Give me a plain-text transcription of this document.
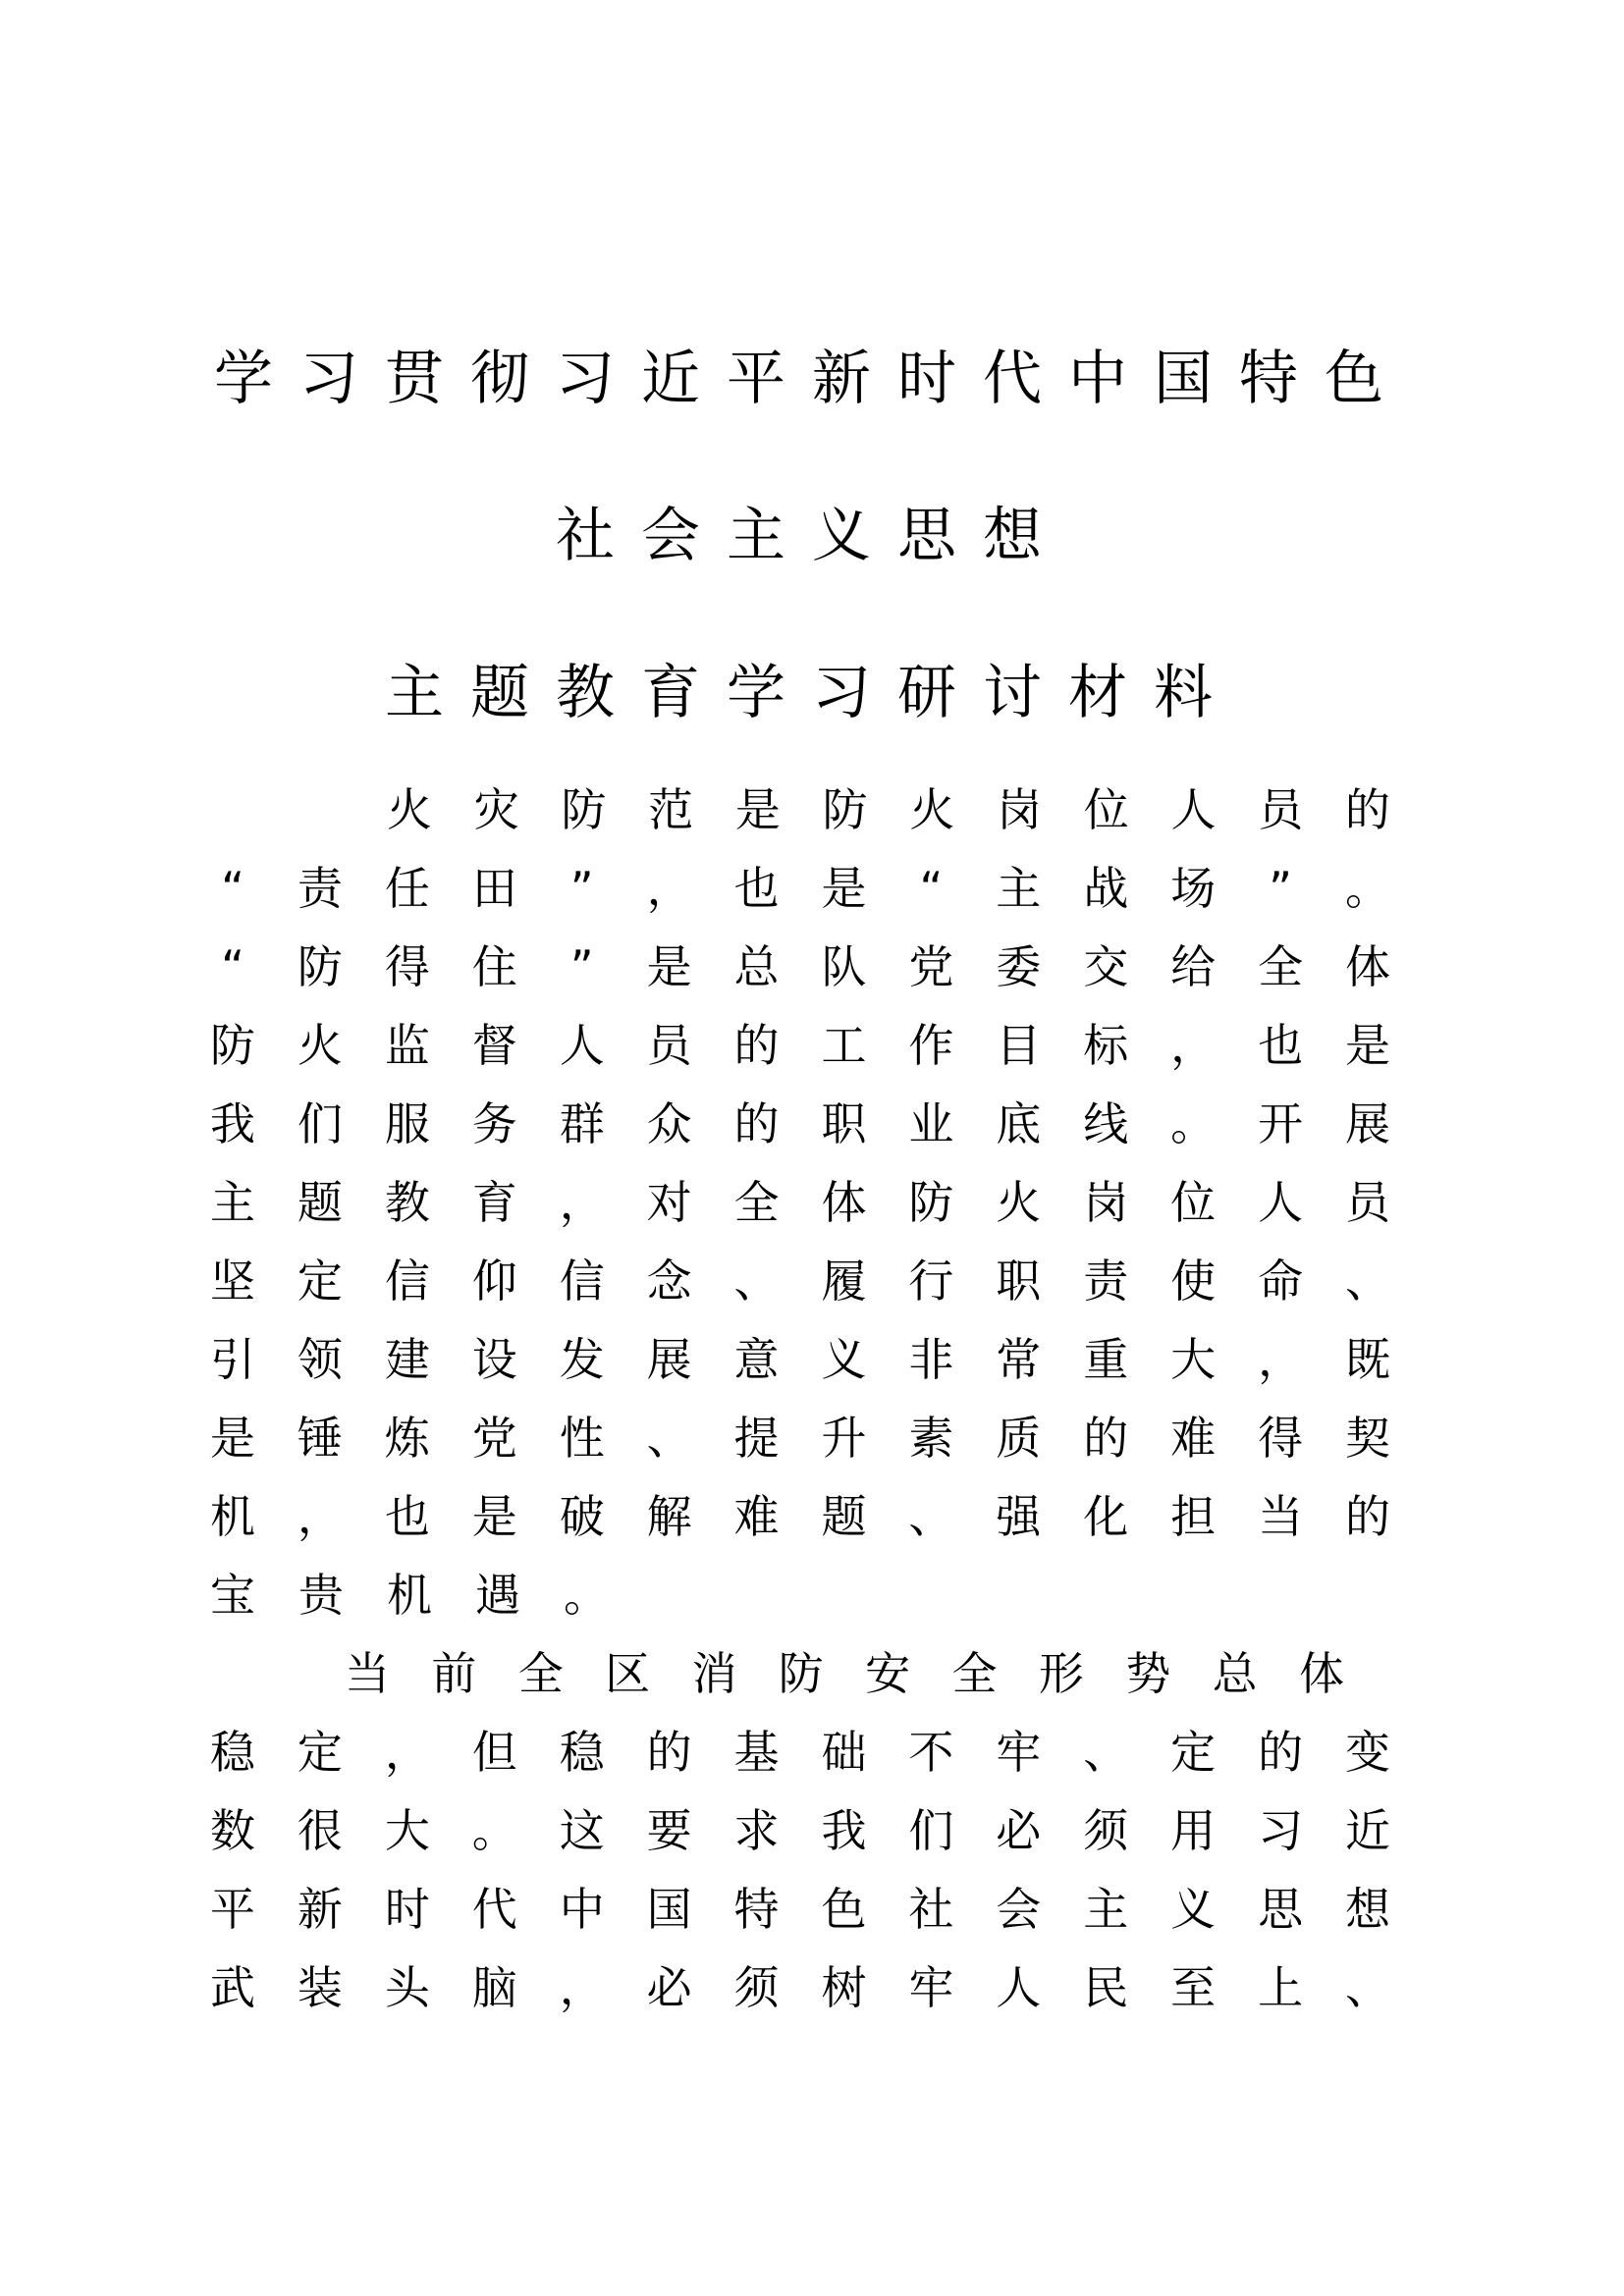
学习贯彻习近平新时代中国特色
社会主义思想
主题教育学习研讨材料
火 灾 防 范 是 防 火 岗 位 人 员 的
“ 责 任 田 ” ， 也 是 “ 主 战 场 ” 。
“ 防 得 住 ” 是 总 队 党 委 交 给 全 体
防 火 监 督 人 员 的 工 作 目 标 ， 也 是
我 们 服 务 群 众 的 职 业 底 线 。 开 展
主 题 教 育 ， 对 全 体 防 火 岗 位 人 员
坚 定 信 仰 信 念 、 履 行 职 责 使 命 、
引 领 建 设 发 展 意 义 非 常 重 大 ， 既
是 锤 炼 党 性 、 提 升 素 质 的 难 得 契
机 ， 也 是 破 解 难 题 、 强 化 担 当 的
宝 贵 机 遇 。
当 前 全 区 消 防 安 全 形 势 总 体
稳 定 ， 但 稳 的 基 础 不 牢 、 定 的 变
数 很 大 。 这 要 求 我 们 必 须 用 习 近
平 新 时 代 中 国 特 色 社 会 主 义 思 想
武 装 头 脑 ， 必 须 树 牢 人 民 至 上 、
